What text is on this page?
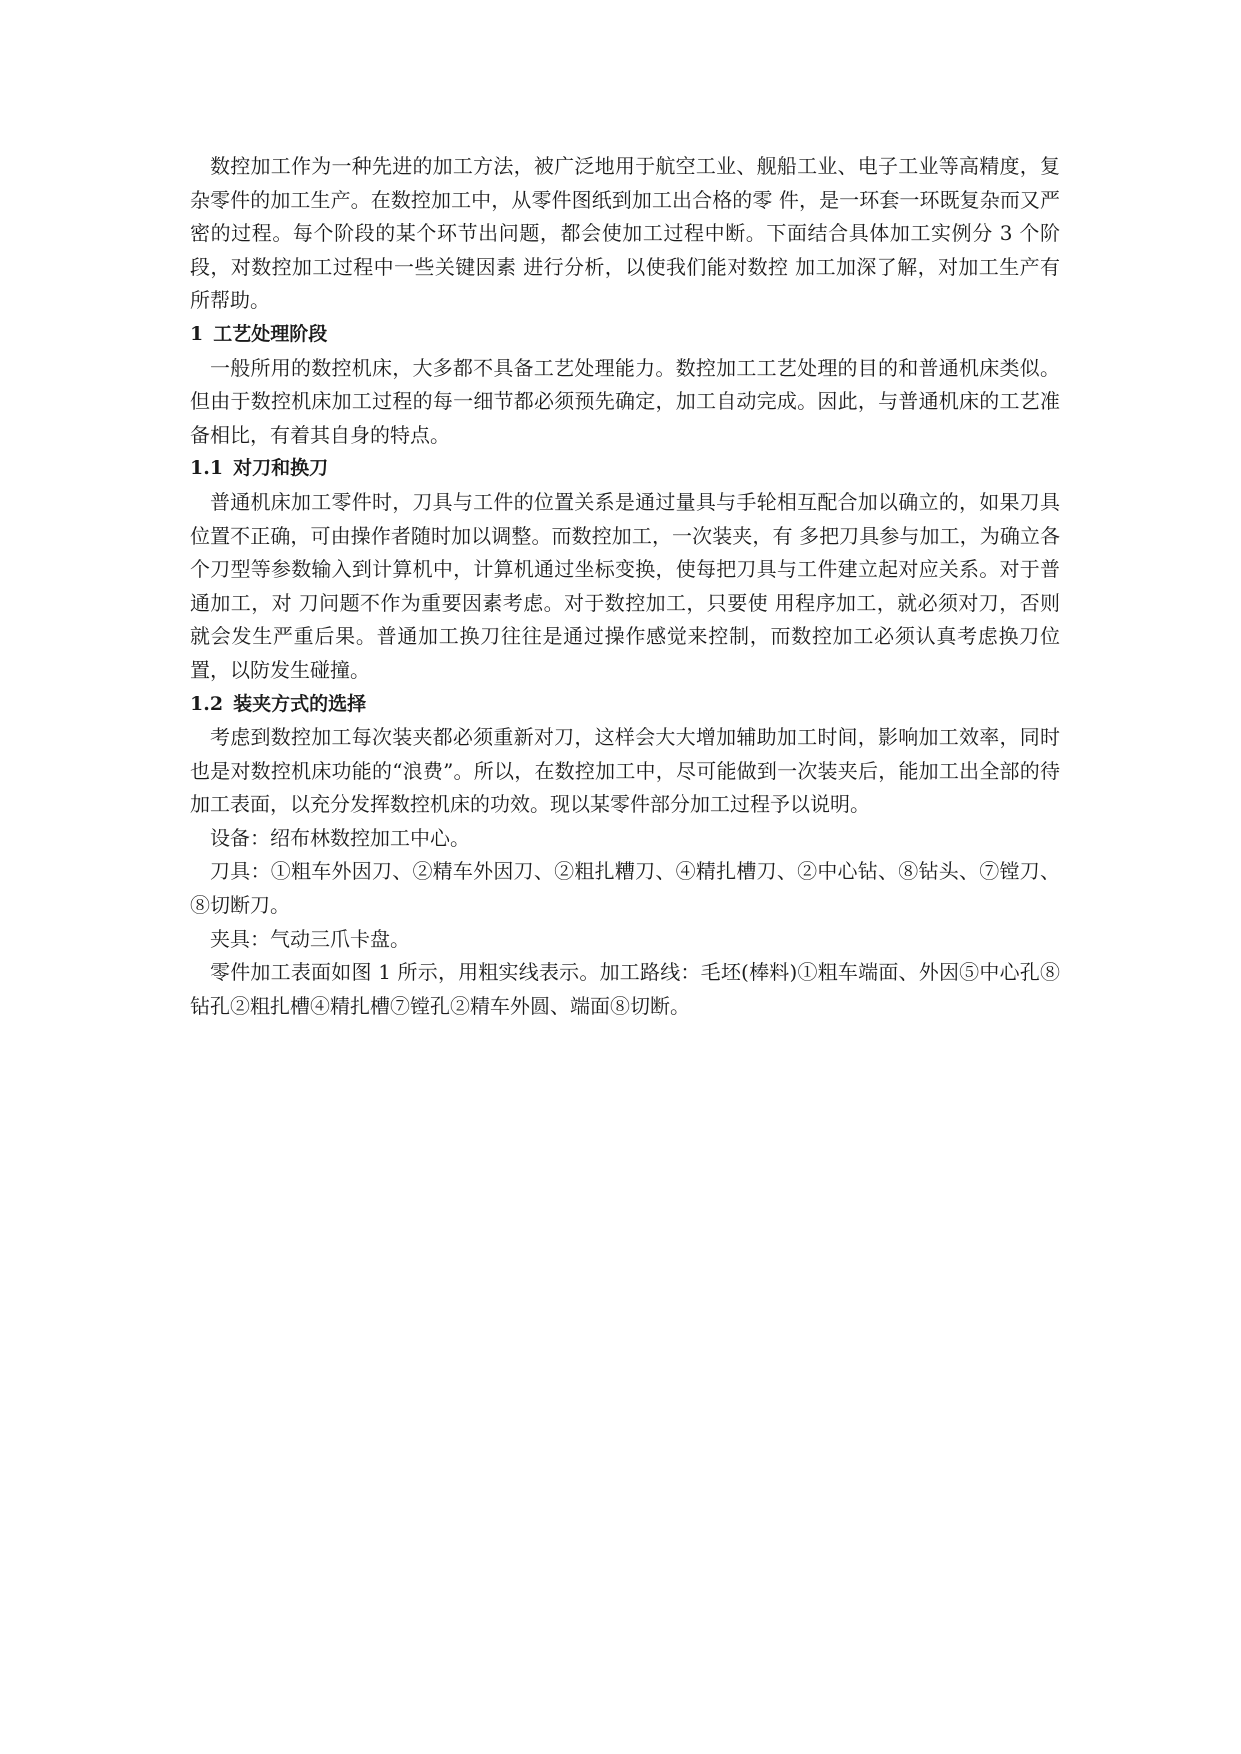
数控加工作为一种先进的加工方法，被广泛地用于航空工业、舰船工业、电子工业等高精度，复杂零件的加工生产。在数控加工中，从零件图纸到加工出合格的零 件，是一环套一环既复杂而又严密的过程。每个阶段的某个环节出问题，都会使加工过程中断。下面结合具体加工实例分 3 个阶段，对数控加工过程中一些关键因素 进行分析，以使我们能对数控 加工加深了解，对加工生产有所帮助。

1 工艺处理阶段

一般所用的数控机床，大多都不具备工艺处理能力。数控加工工艺处理的目的和普通机床类似。但由于数控机床加工过程的每一细节都必须预先确定，加工自动完成。因此，与普通机床的工艺准备相比，有着其自身的特点。

1.1 对刀和换刀

普通机床加工零件时，刀具与工件的位置关系是通过量具与手轮相互配合加以确立的，如果刀具位置不正确，可由操作者随时加以调整。而数控加工，一次装夹，有 多把刀具参与加工，为确立各个刀型等参数输入到计算机中，计算机通过坐标变换，使每把刀具与工件建立起对应关系。对于普通加工，对 刀问题不作为重要因素考虑。对于数控加工，只要使 用程序加工，就必须对刀，否则就会发生严重后果。普通加工换刀往往是通过操作感觉来控制，而数控加工必须认真考虑换刀位置，以防发生碰撞。

1.2 装夹方式的选择

考虑到数控加工每次装夹都必须重新对刀，这样会大大增加辅助加工时间，影响加工效率，同时也是对数控机床功能的“浪费”。所以，在数控加工中，尽可能做到一次装夹后，能加工出全部的待加工表面，以充分发挥数控机床的功效。现以某零件部分加工过程予以说明。

设备：绍布林数控加工中心。

刀具：①粗车外因刀、②精车外因刀、②粗扎糟刀、④精扎槽刀、②中心钻、⑧钻头、⑦镗刀、⑧切断刀。

夹具：气动三爪卡盘。

零件加工表面如图 1 所示，用粗实线表示。加工路线：毛坯(棒料)①粗车端面、外因⑤中心孔⑧钻孔②粗扎槽④精扎槽⑦镗孔②精车外圆、端面⑧切断。
